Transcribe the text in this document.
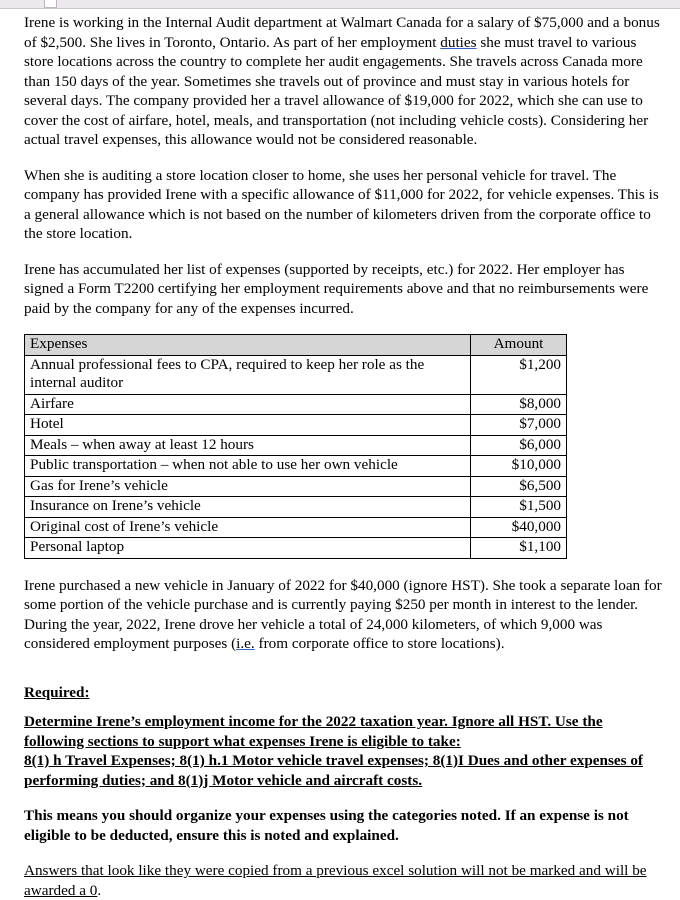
Irene is working in the Internal Audit department at Walmart Canada for a salary of $75,000 and a bonus of $2,500. She lives in Toronto, Ontario. As part of her employment duties she must travel to various store locations across the country to complete her audit engagements. She travels across Canada more than 150 days of the year. Sometimes she travels out of province and must stay in various hotels for several days. The company provided her a travel allowance of $19,000 for 2022, which she can use to cover the cost of airfare, hotel, meals, and transportation (not including vehicle costs). Considering her actual travel expenses, this allowance would not be considered reasonable.

When she is auditing a store location closer to home, she uses her personal vehicle for travel. The company has provided Irene with a specific allowance of $11,000 for 2022, for vehicle expenses. This is a general allowance which is not based on the number of kilometers driven from the corporate office to the store location.

Irene has accumulated her list of expenses (supported by receipts, etc.) for 2022. Her employer has signed a Form T2200 certifying her employment requirements above and that no reimbursements were paid by the company for any of the expenses incurred.

Expenses	Amount
Annual professional fees to CPA, required to keep her role as the internal auditor	$1,200
Airfare	$8,000
Hotel	$7,000
Meals – when away at least 12 hours	$6,000
Public transportation – when not able to use her own vehicle	$10,000
Gas for Irene’s vehicle	$6,500
Insurance on Irene’s vehicle	$1,500
Original cost of Irene’s vehicle	$40,000
Personal laptop	$1,100

Irene purchased a new vehicle in January of 2022 for $40,000 (ignore HST). She took a separate loan for some portion of the vehicle purchase and is currently paying $250 per month in interest to the lender. During the year, 2022, Irene drove her vehicle a total of 24,000 kilometers, of which 9,000 was considered employment purposes (i.e. from corporate office to store locations).

Required:

Determine Irene’s employment income for the 2022 taxation year. Ignore all HST. Use the following sections to support what expenses Irene is eligible to take:
8(1) h Travel Expenses; 8(1) h.1 Motor vehicle travel expenses; 8(1)I Dues and other expenses of performing duties; and 8(1)j Motor vehicle and aircraft costs.

This means you should organize your expenses using the categories noted. If an expense is not eligible to be deducted, ensure this is noted and explained.

Answers that look like they were copied from a previous excel solution will not be marked and will be awarded a 0.
